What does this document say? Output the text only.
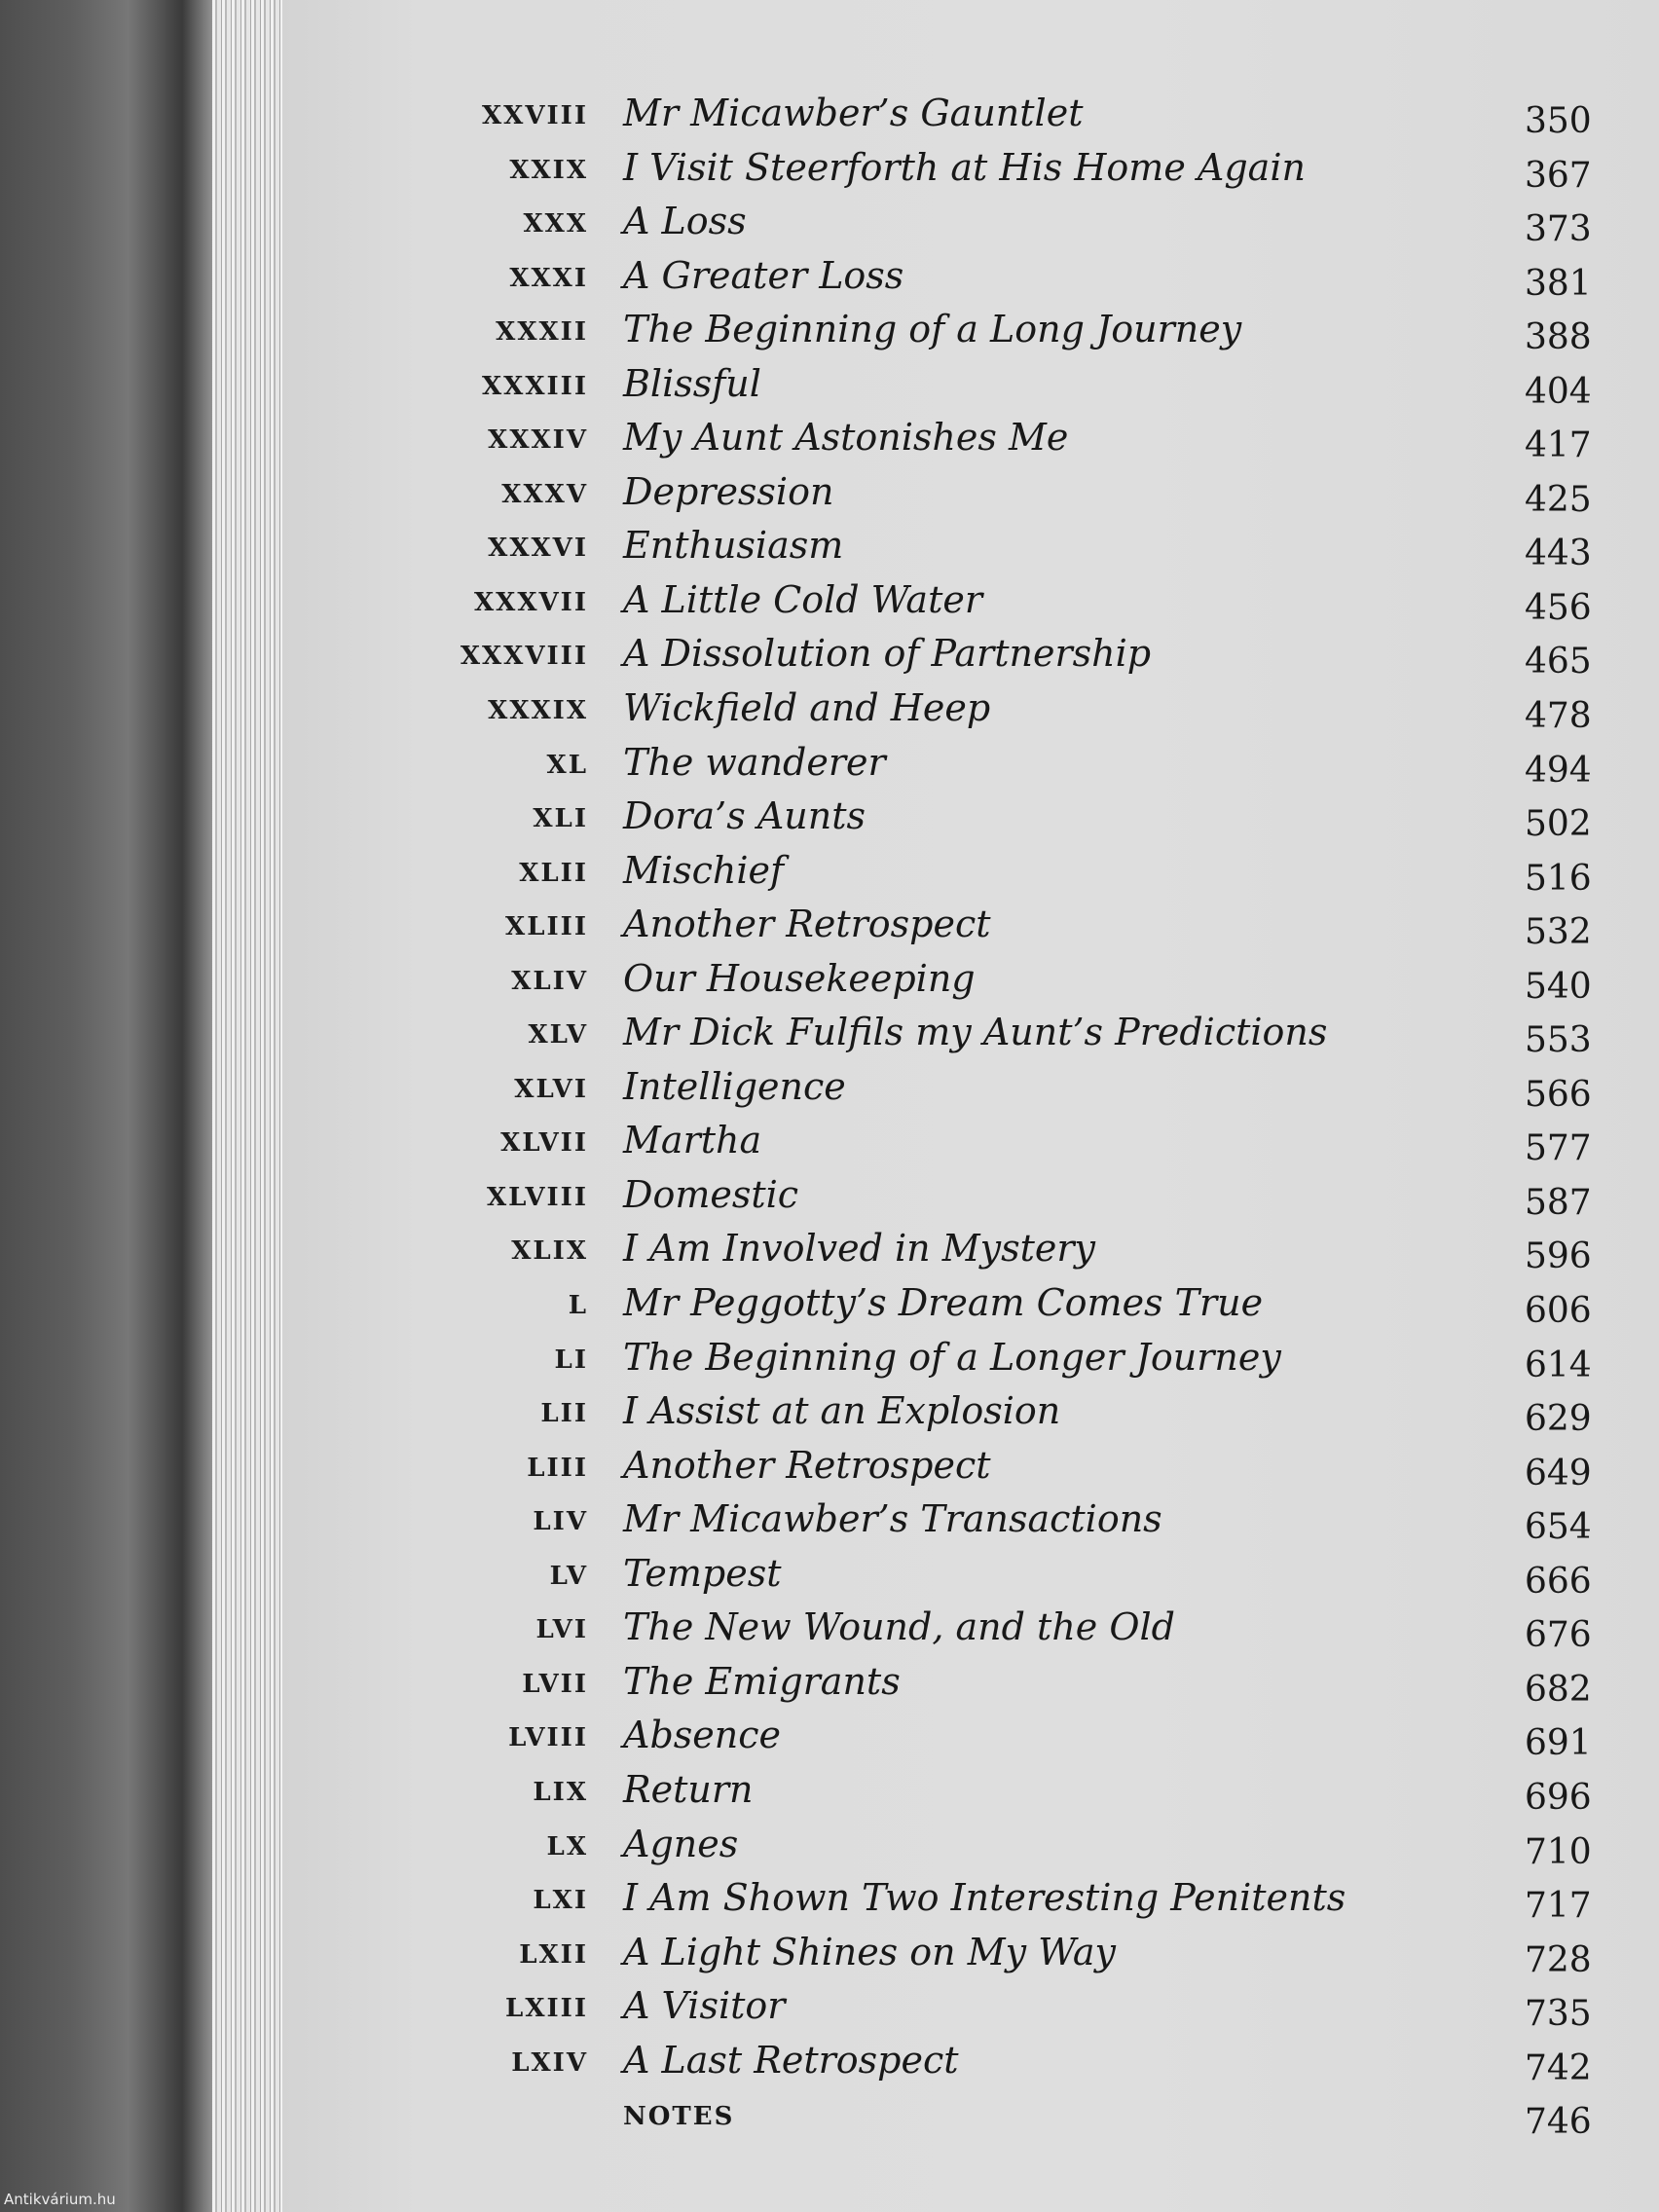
XXVIII Mr Micawber’s Gauntlet	350
XXIX I Visit Steerforth at His Home Again	367
XXX A Loss	373
XXXI A Greater Loss	381
XXXII The Beginning of a Long Journey	388
XXXIII Blissful	404
XXXIV My Aunt Astonishes Me	417
XXXV Depression	425
XXXVI Enthusiasm	443
XXXVII A Little Cold Water	456
XXXVIII A Dissolution of Partnership	465
XXXIX Wickfield and Heep	478
XL The wanderer	494
XLI Dora’s Aunts	502
XLII Mischief	516
XLIII Another Retrospect	532
XLIV Our Housekeeping	540
XLV Mr Dick Fulfils my Aunt’s Predictions	553
XLVI Intelligence	566
XLVII Martha	577
XLVIII Domestic	587
XLIX I Am Involved in Mystery	596
L Mr Peggotty’s Dream Comes True	606
LI The Beginning of a Longer Journey	614
LII I Assist at an Explosion	629
LIII Another Retrospect	649
LIV Mr Micawber’s Transactions	654
LV Tempest	666
LVI The New Wound, and the Old	676
LVII The Emigrants	682
LVIII Absence	691
LIX Return	696
LX Agnes	710
LXI I Am Shown Two Interesting Penitents	717
LXII A Light Shines on My Way	728
LXIII A Visitor	735
LXIV A Last Retrospect	742
NOTES	746
Antikvárium.hu
